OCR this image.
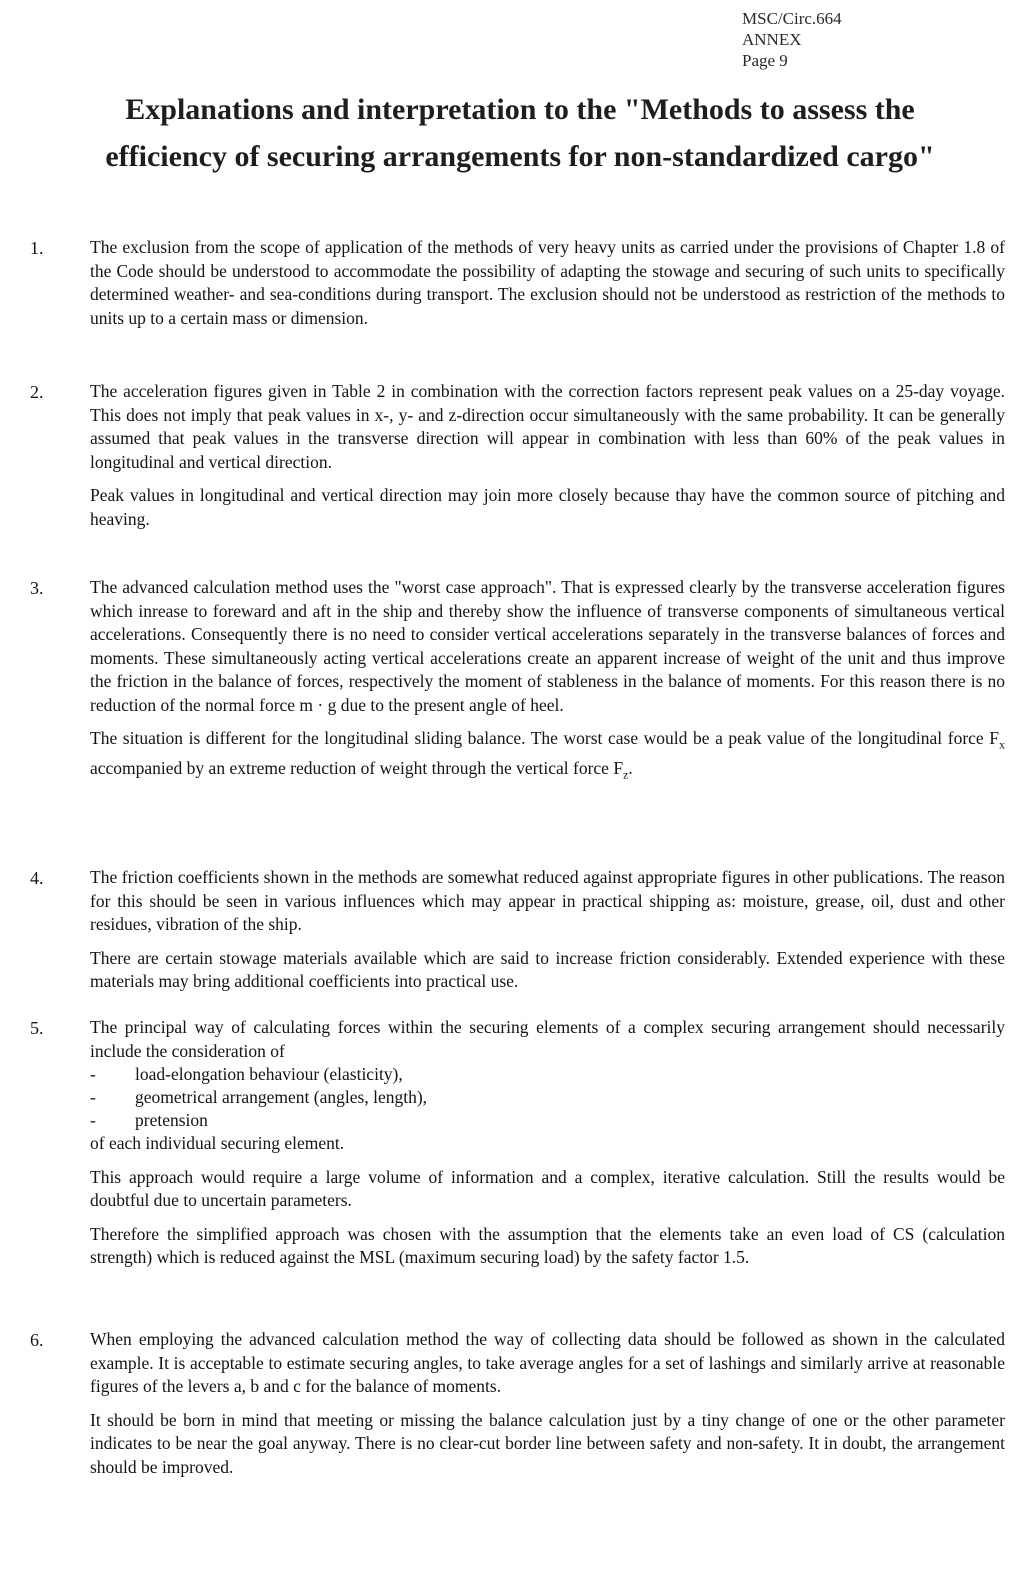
MSC/Circ.664
ANNEX
Page 9
Explanations and interpretation to the "Methods to assess the
efficiency of securing arrangements for non-standardized cargo"
1.	The exclusion from the scope of application of the methods of very heavy units as carried under the provisions of Chapter 1.8 of the Code should be understood to accommodate the possibility of adapting the stowage and securing of such units to specifically determined weather- and sea-conditions during transport. The exclusion should not be understood as restriction of the methods to units up to a certain mass or dimension.

2.	The acceleration figures given in Table 2 in combination with the correction factors represent peak values on a 25-day voyage. This does not imply that peak values in x-, y- and z-direction occur simultaneously with the same probability. It can be generally assumed that peak values in the transverse direction will appear in combination with less than 60% of the peak values in longitudinal and vertical direction.

Peak values in longitudinal and vertical direction may join more closely because thay have the common source of pitching and heaving.

3.	The advanced calculation method uses the "worst case approach". That is expressed clearly by the transverse acceleration figures which inrease to foreward and aft in the ship and thereby show the influence of transverse components of simultaneous vertical accelerations. Consequently there is no need to consider vertical accelerations separately in the transverse balances of forces and moments. These simultaneously acting vertical accelerations create an apparent increase of weight of the unit and thus improve the friction in the balance of forces, respectively the moment of stableness in the balance of moments. For this reason there is no reduction of the normal force m · g due to the present angle of heel.

The situation is different for the longitudinal sliding balance. The worst case would be a peak value of the longitudinal force $F_x$ accompanied by an extreme reduction of weight through the vertical force $F_z$.

4.	The friction coefficients shown in the methods are somewhat reduced against appropriate figures in other publications. The reason for this should be seen in various influences which may appear in practical shipping as: moisture, grease, oil, dust and other residues, vibration of the ship.

There are certain stowage materials available which are said to increase friction considerably. Extended experience with these materials may bring additional coefficients into practical use.

5.	The principal way of calculating forces within the securing elements of a complex securing arrangement should necessarily include the consideration of

- load-elongation behaviour (elasticity),
- geometrical arrangement (angles, length),
- pretension

of each individual securing element.

This approach would require a large volume of information and a complex, iterative calculation. Still the results would be doubtful due to uncertain parameters.

Therefore the simplified approach was chosen with the assumption that the elements take an even load of CS (calculation strength) which is reduced against the MSL (maximum securing load) by the safety factor 1.5.

6.	When employing the advanced calculation method the way of collecting data should be followed as shown in the calculated example. It is acceptable to estimate securing angles, to take average angles for a set of lashings and similarly arrive at reasonable figures of the levers a, b and c for the balance of moments.

It should be born in mind that meeting or missing the balance calculation just by a tiny change of one or the other parameter indicates to be near the goal anyway. There is no clear-cut border line between safety and non-safety. It in doubt, the arrangement should be improved.
